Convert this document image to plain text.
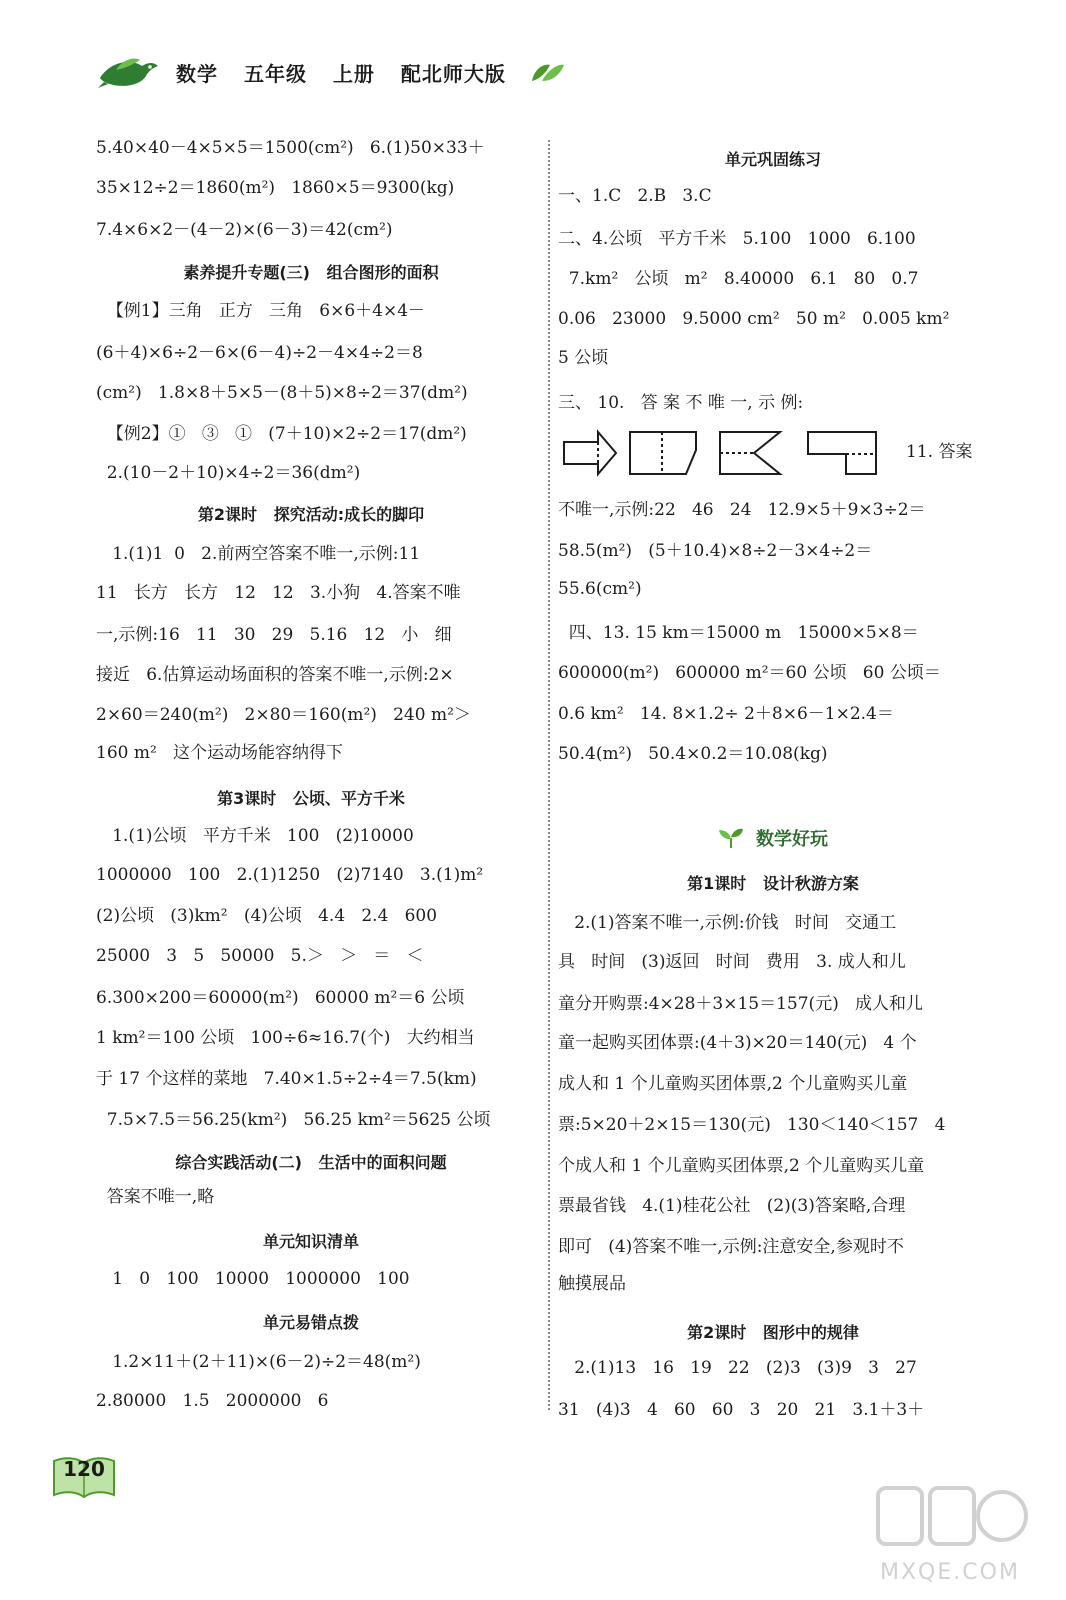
数学 五年级 上册 配北师大版
5.40×40－4×5×5＝1500(cm²)   6.(1)50×33＋
35×12÷2＝1860(m²)   1860×5＝9300(kg)
7.4×6×2－(4－2)×(6－3)＝42(cm²)
素养提升专题(三)   组合图形的面积
【例1】三角   正方   三角   6×6＋4×4－
(6＋4)×6÷2－6×(6－4)÷2－4×4÷2＝8
(cm²)   1.8×8＋5×5－(8＋5)×8÷2＝37(dm²)
【例2】①   ③   ①   (7＋10)×2÷2＝17(dm²)
2.(10－2＋10)×4÷2＝36(dm²)
第2课时   探究活动:成长的脚印
1.(1)1  0   2.前两空答案不唯一,示例:11
11   长方   长方   12   12   3.小狗   4.答案不唯
一,示例:16   11   30   29   5.16   12   小   细
接近   6.估算运动场面积的答案不唯一,示例:2×
2×60＝240(m²)   2×80＝160(m²)   240 m²＞
160 m²   这个运动场能容纳得下
第3课时   公顷、平方千米
1.(1)公顷   平方千米   100   (2)10000
1000000   100   2.(1)1250   (2)7140   3.(1)m²
(2)公顷   (3)km²   (4)公顷   4.4   2.4   600
25000   3   5   50000   5.＞   ＞   ＝   ＜
6.300×200＝60000(m²)   60000 m²＝6 公顷
1 km²＝100 公顷   100÷6≈16.7(个)   大约相当
于 17 个这样的菜地   7.40×1.5÷2÷4＝7.5(km)
7.5×7.5＝56.25(km²)   56.25 km²＝5625 公顷
综合实践活动(二)   生活中的面积问题
答案不唯一,略
单元知识清单
1   0   100   10000   1000000   100
单元易错点拨
1.2×11＋(2＋11)×(6－2)÷2＝48(m²)
2.80000   1.5   2000000   6
单元巩固练习
一、1.C   2.B   3.C
二、4.公顷   平方千米   5.100   1000   6.100
7.km²   公顷   m²   8.40000   6.1   80   0.7
0.06   23000   9.5000 cm²   50 m²   0.005 km²
5 公顷
三、 10.   答 案 不 唯 一, 示 例:
11. 答案
不唯一,示例:22   46   24   12.9×5＋9×3÷2＝
58.5(m²)   (5＋10.4)×8÷2－3×4÷2＝
55.6(cm²)
四、13. 15 km＝15000 m   15000×5×8＝
600000(m²)   600000 m²＝60 公顷   60 公顷＝
0.6 km²   14. 8×1.2÷ 2＋8×6－1×2.4＝
50.4(m²)   50.4×0.2＝10.08(kg)
数学好玩
第1课时   设计秋游方案
2.(1)答案不唯一,示例:价钱   时间   交通工
具   时间   (3)返回   时间   费用   3. 成人和儿
童分开购票:4×28＋3×15＝157(元)   成人和儿
童一起购买团体票:(4＋3)×20＝140(元)   4 个
成人和 1 个儿童购买团体票,2 个儿童购买儿童
票:5×20＋2×15＝130(元)   130＜140＜157   4
个成人和 1 个儿童购买团体票,2 个儿童购买儿童
票最省钱   4.(1)桂花公社   (2)(3)答案略,合理
即可   (4)答案不唯一,示例:注意安全,参观时不
触摸展品
第2课时   图形中的规律
2.(1)13   16   19   22   (2)3   (3)9   3   27
31   (4)3   4   60   60   3   20   21   3.1＋3＋
120
MXQE.COM
